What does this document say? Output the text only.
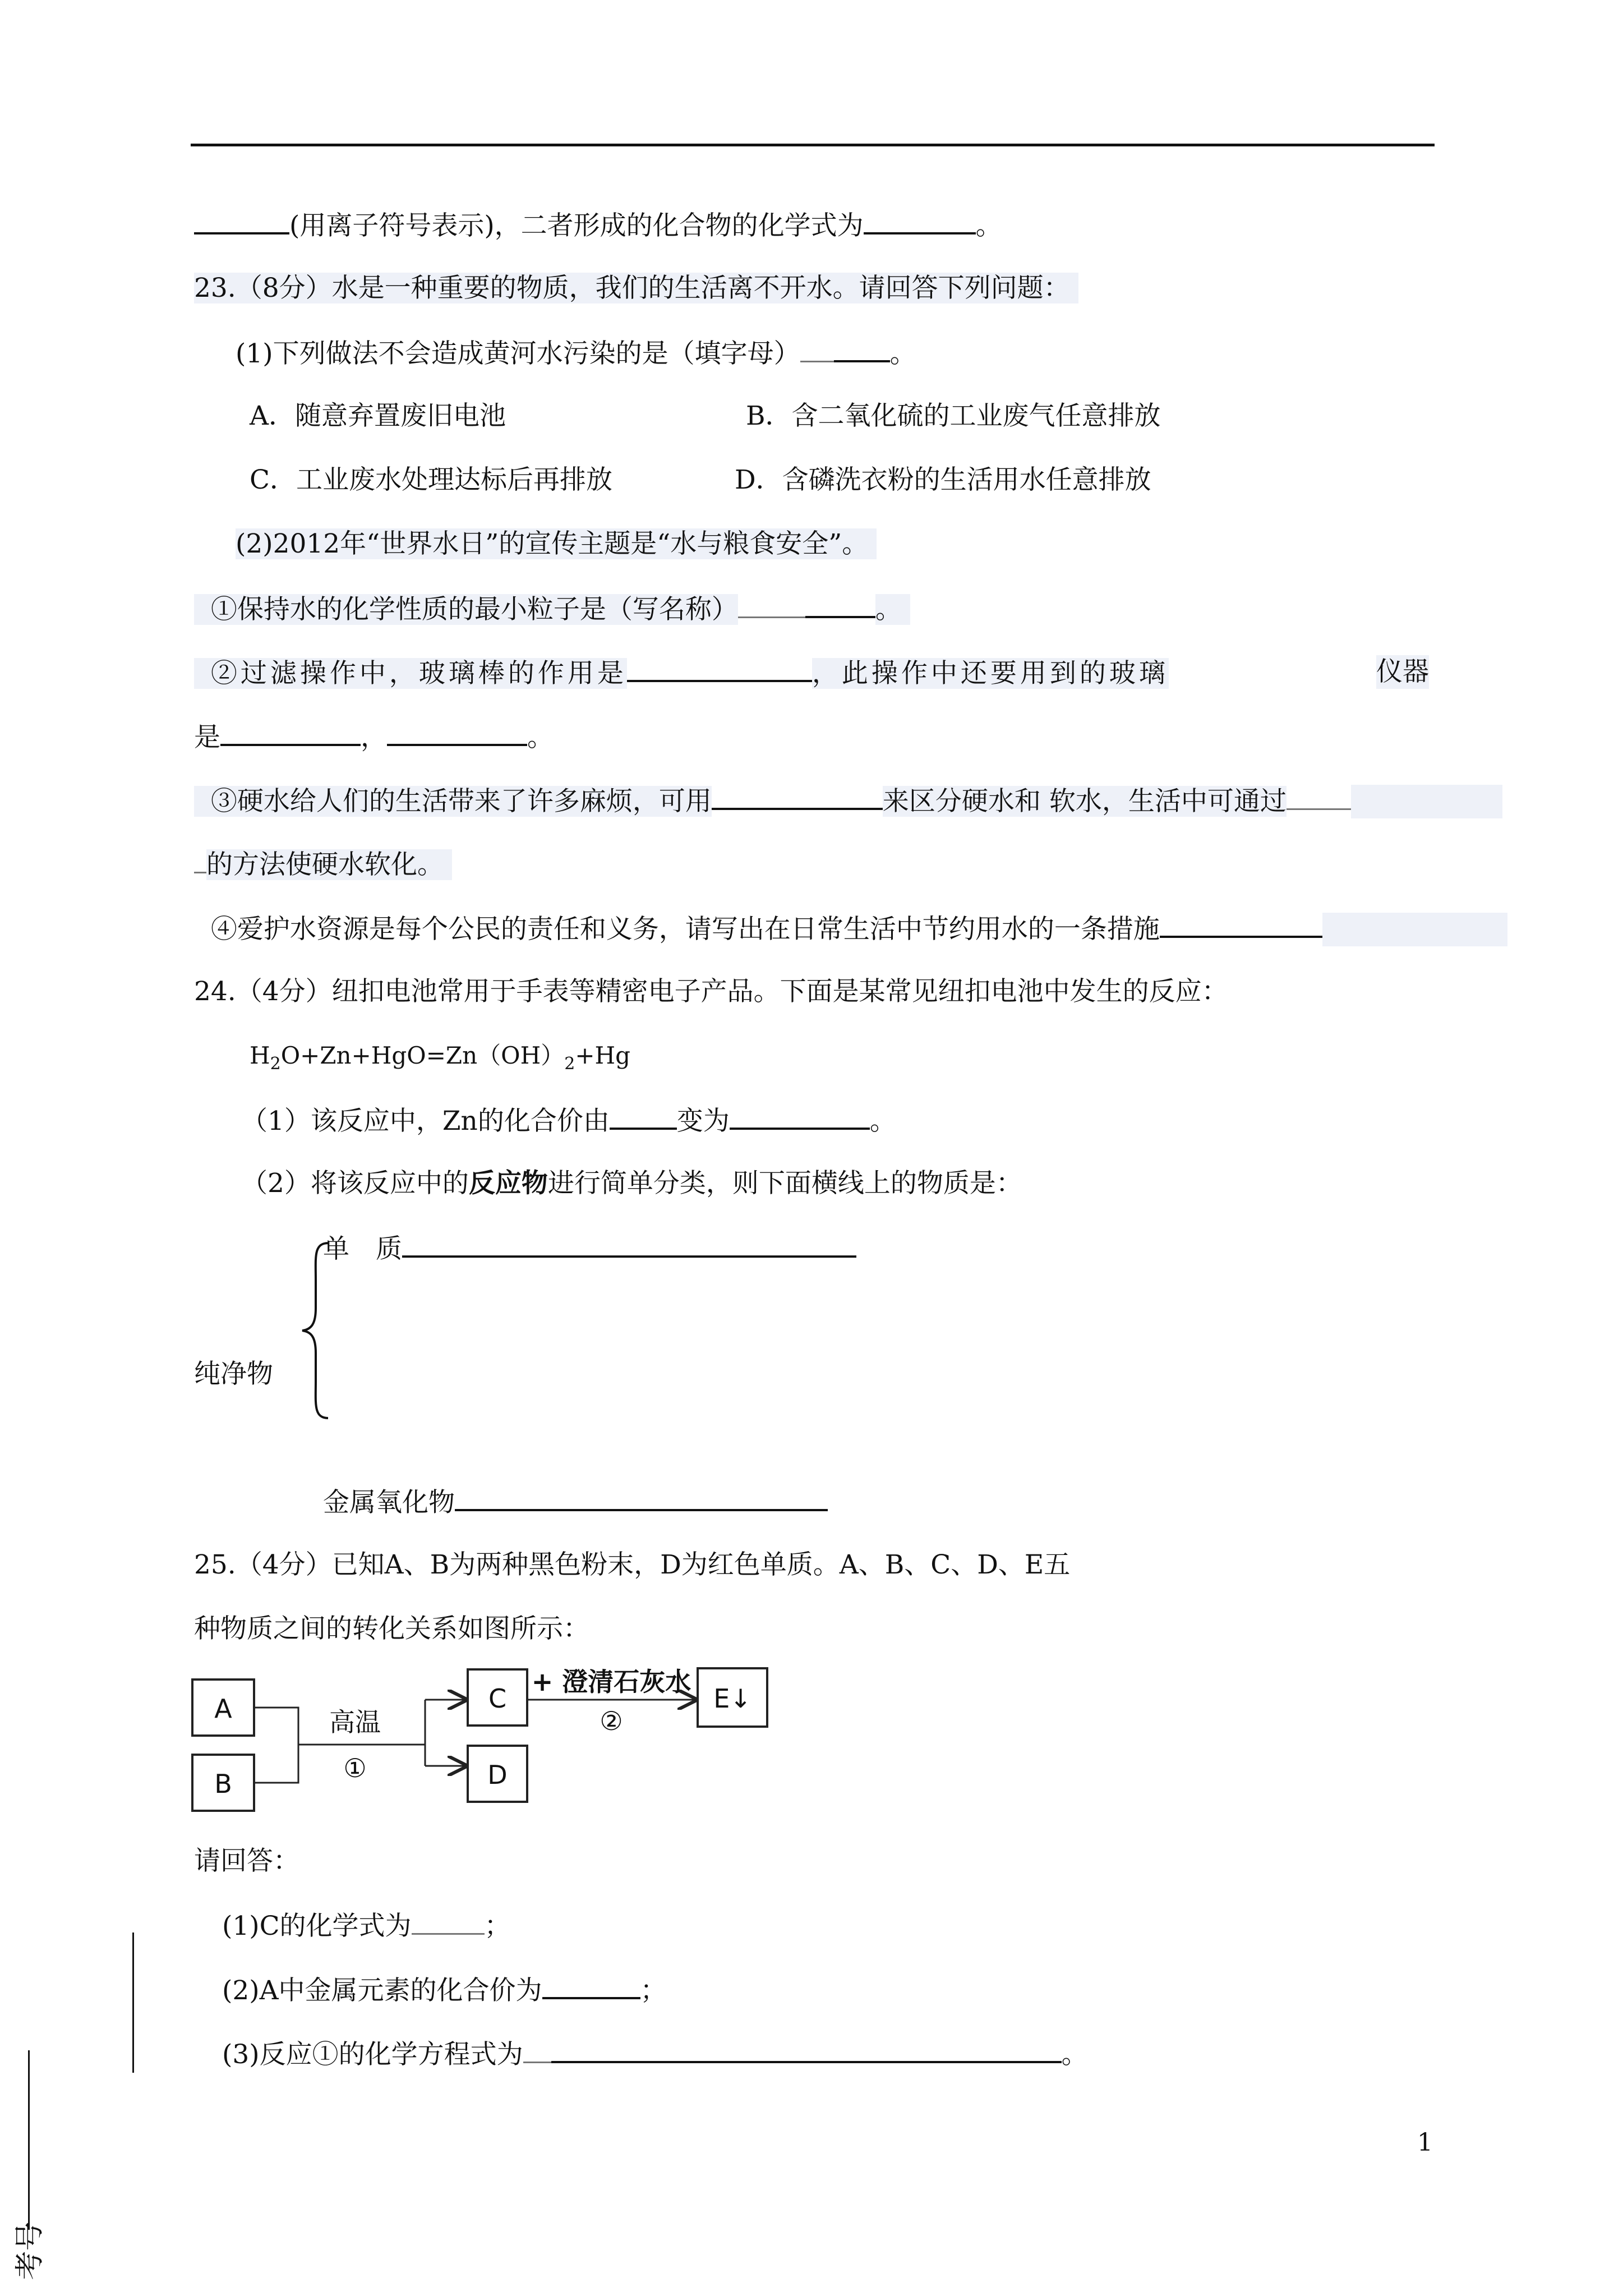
(用离子符号表示)，二者形成的化合物的化学式为	。
23.（8分）水是一种重要的物质，我们的生活离不开水。请回答下列问题：
(1)下列做法不会造成黄河水污染的是（填字母）	。
A．随意弃置废旧电池	B．含二氧化硫的工业废气任意排放
C．工业废水处理达标后再排放	D．含磷洗衣粉的生活用水任意排放
(2)2012年“世界水日”的宣传主题是“水与粮食安全”。
①保持水的化学性质的最小粒子是（写名称）	。
②过滤操作中，玻璃棒的作用是	，此操作中还要用到的玻璃	仪器
是	，	。
③硬水给人们的生活带来了许多麻烦，可用	来区分硬水和 软水，生活中可通过
的方法使硬水软化。
④爱护水资源是每个公民的责任和义务，请写出在日常生活中节约用水的一条措施
24.（4分）纽扣电池常用于手表等精密电子产品。下面是某常见纽扣电池中发生的反应：
$H_2O+Zn+HgO=Zn(OH)_2+Hg$
（1）该反应中，Zn的化合价由	变为	。
（2）将该反应中的反应物进行简单分类，则下面横线上的物质是：
单　质
纯净物
金属氧化物
25.（4分）已知A、B为两种黑色粉末，D为红色单质。A、B、C、D、E五
种物质之间的转化关系如图所示：
A
B
高温
①
C
D
+ 澄清石灰水
②
E↓
请回答：
(1)C的化学式为	；
(2)A中金属元素的化合价为	；
(3)反应①的化学方程式为	。
1
考号
